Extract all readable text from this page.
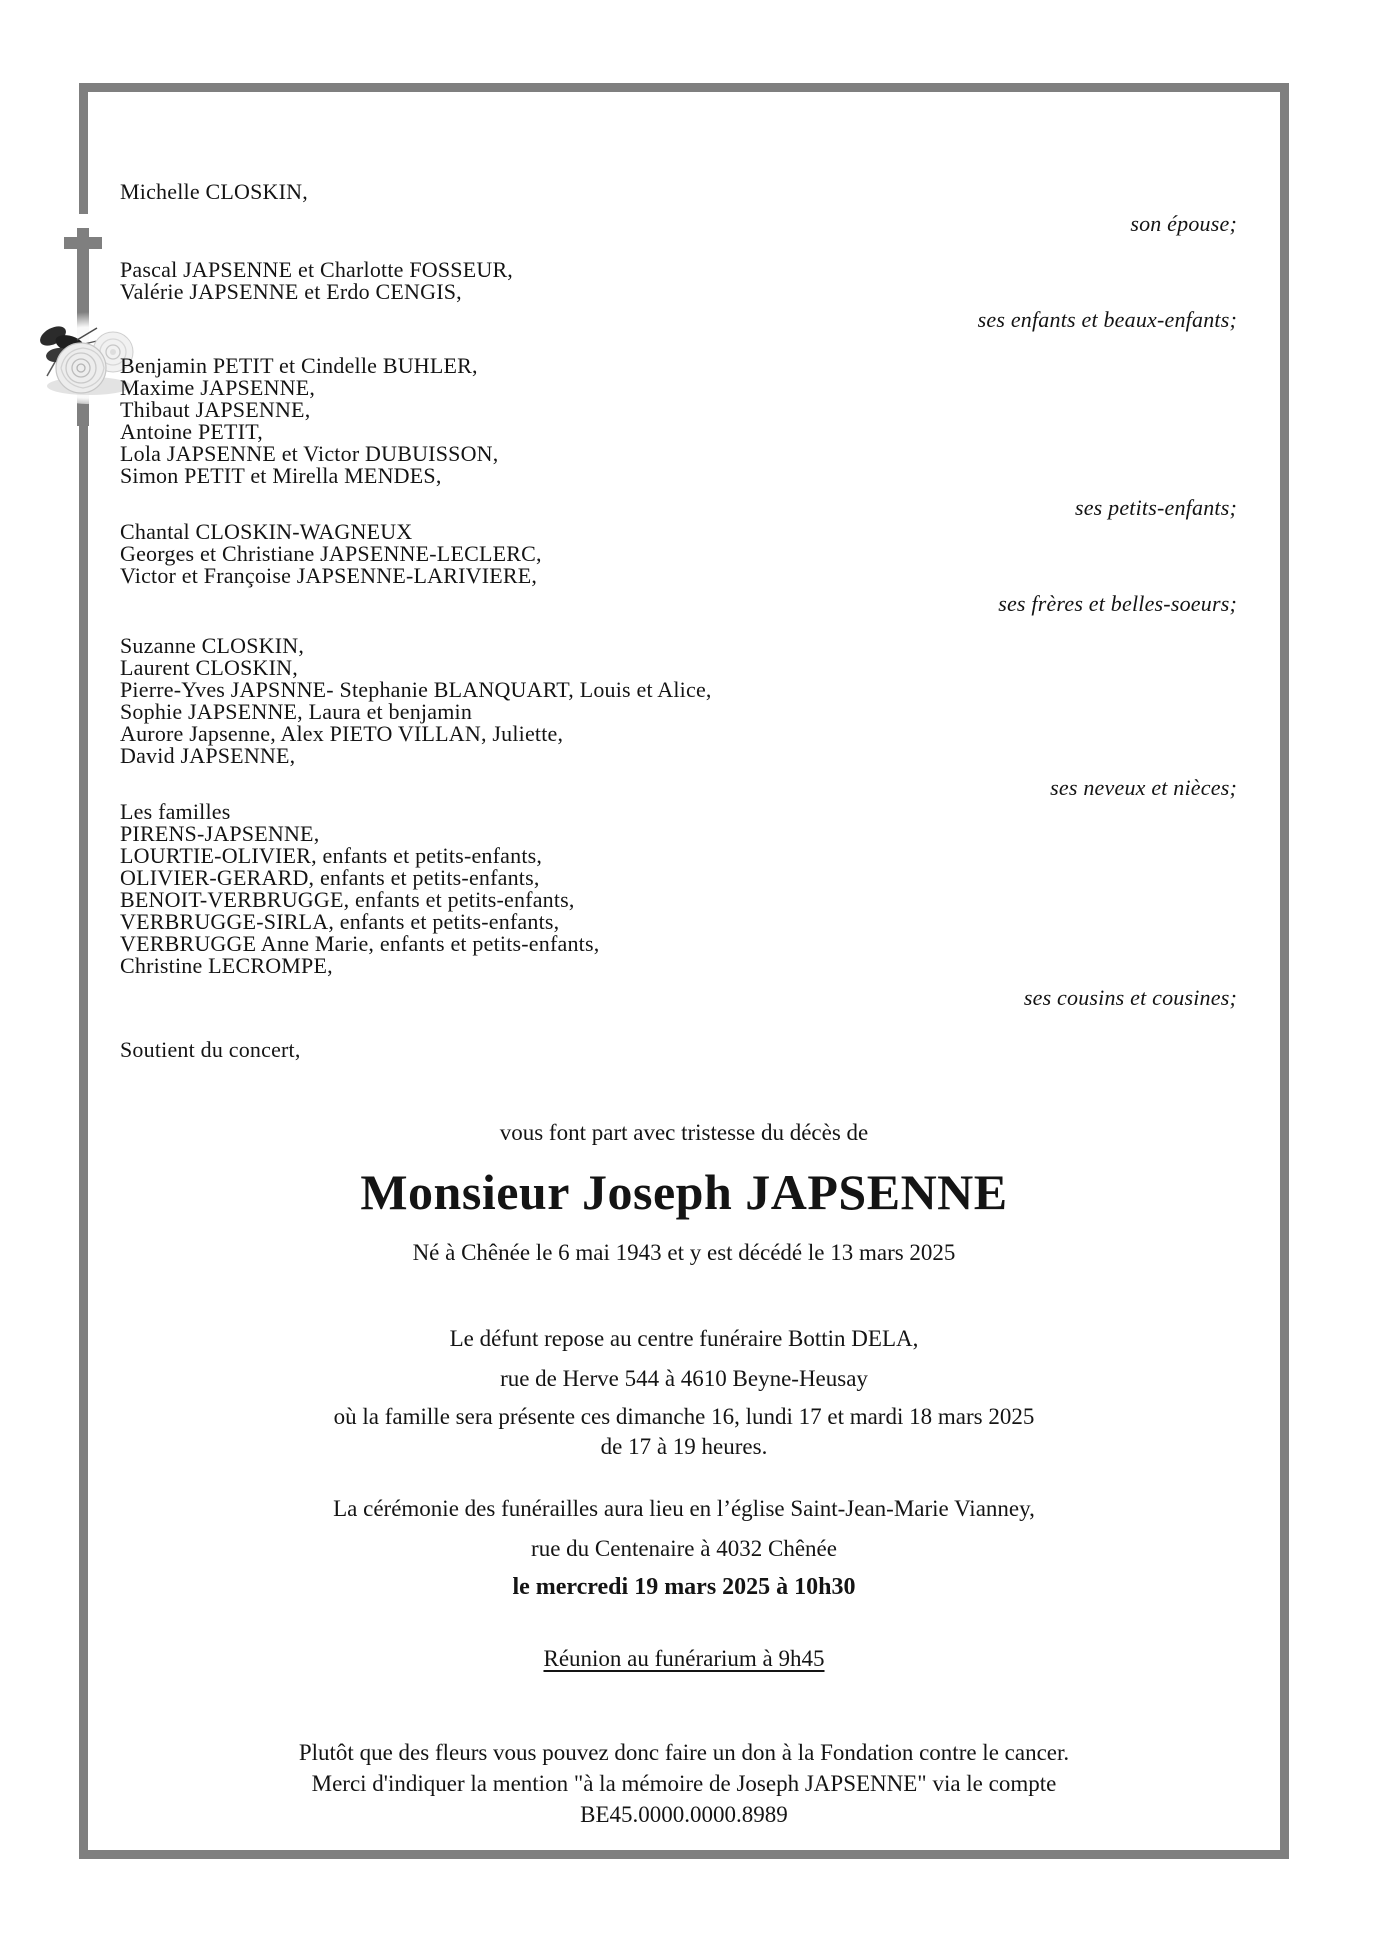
Michelle CLOSKIN,
son épouse;
Pascal JAPSENNE et Charlotte FOSSEUR,
Valérie JAPSENNE et Erdo CENGIS,
ses enfants et beaux-enfants;
Benjamin PETIT et Cindelle BUHLER,
Maxime JAPSENNE,
Thibaut JAPSENNE,
Antoine PETIT,
Lola JAPSENNE et Victor DUBUISSON,
Simon PETIT et Mirella MENDES,
ses petits-enfants;
Chantal CLOSKIN-WAGNEUX
Georges et Christiane JAPSENNE-LECLERC,
Victor et Françoise JAPSENNE-LARIVIERE,
ses frères et belles-soeurs;
Suzanne CLOSKIN,
Laurent CLOSKIN,
Pierre-Yves JAPSNNE- Stephanie BLANQUART, Louis et Alice,
Sophie JAPSENNE, Laura et benjamin
Aurore Japsenne, Alex PIETO VILLAN, Juliette,
David JAPSENNE,
ses neveux et nièces;
Les familles
PIRENS-JAPSENNE,
LOURTIE-OLIVIER, enfants et petits-enfants,
OLIVIER-GERARD, enfants et petits-enfants,
BENOIT-VERBRUGGE, enfants et petits-enfants,
VERBRUGGE-SIRLA, enfants et petits-enfants,
VERBRUGGE Anne Marie, enfants et petits-enfants,
Christine LECROMPE,
ses cousins et cousines;
Soutient du concert,
vous font part avec tristesse du décès de
Monsieur Joseph JAPSENNE
Né à Chênée le 6 mai 1943 et y est décédé le 13 mars 2025
Le défunt repose au centre funéraire Bottin DELA,
rue de Herve 544 à 4610 Beyne-Heusay
où la famille sera présente ces dimanche 16, lundi 17 et mardi 18 mars 2025
de 17 à 19 heures.
La cérémonie des funérailles aura lieu en l’église Saint-Jean-Marie Vianney,
rue du Centenaire à 4032 Chênée
le mercredi 19 mars 2025 à 10h30
Réunion au funérarium à 9h45
Plutôt que des fleurs vous pouvez donc faire un don à la Fondation contre le cancer.
Merci d'indiquer la mention "à la mémoire de Joseph JAPSENNE" via le compte
BE45.0000.0000.8989
